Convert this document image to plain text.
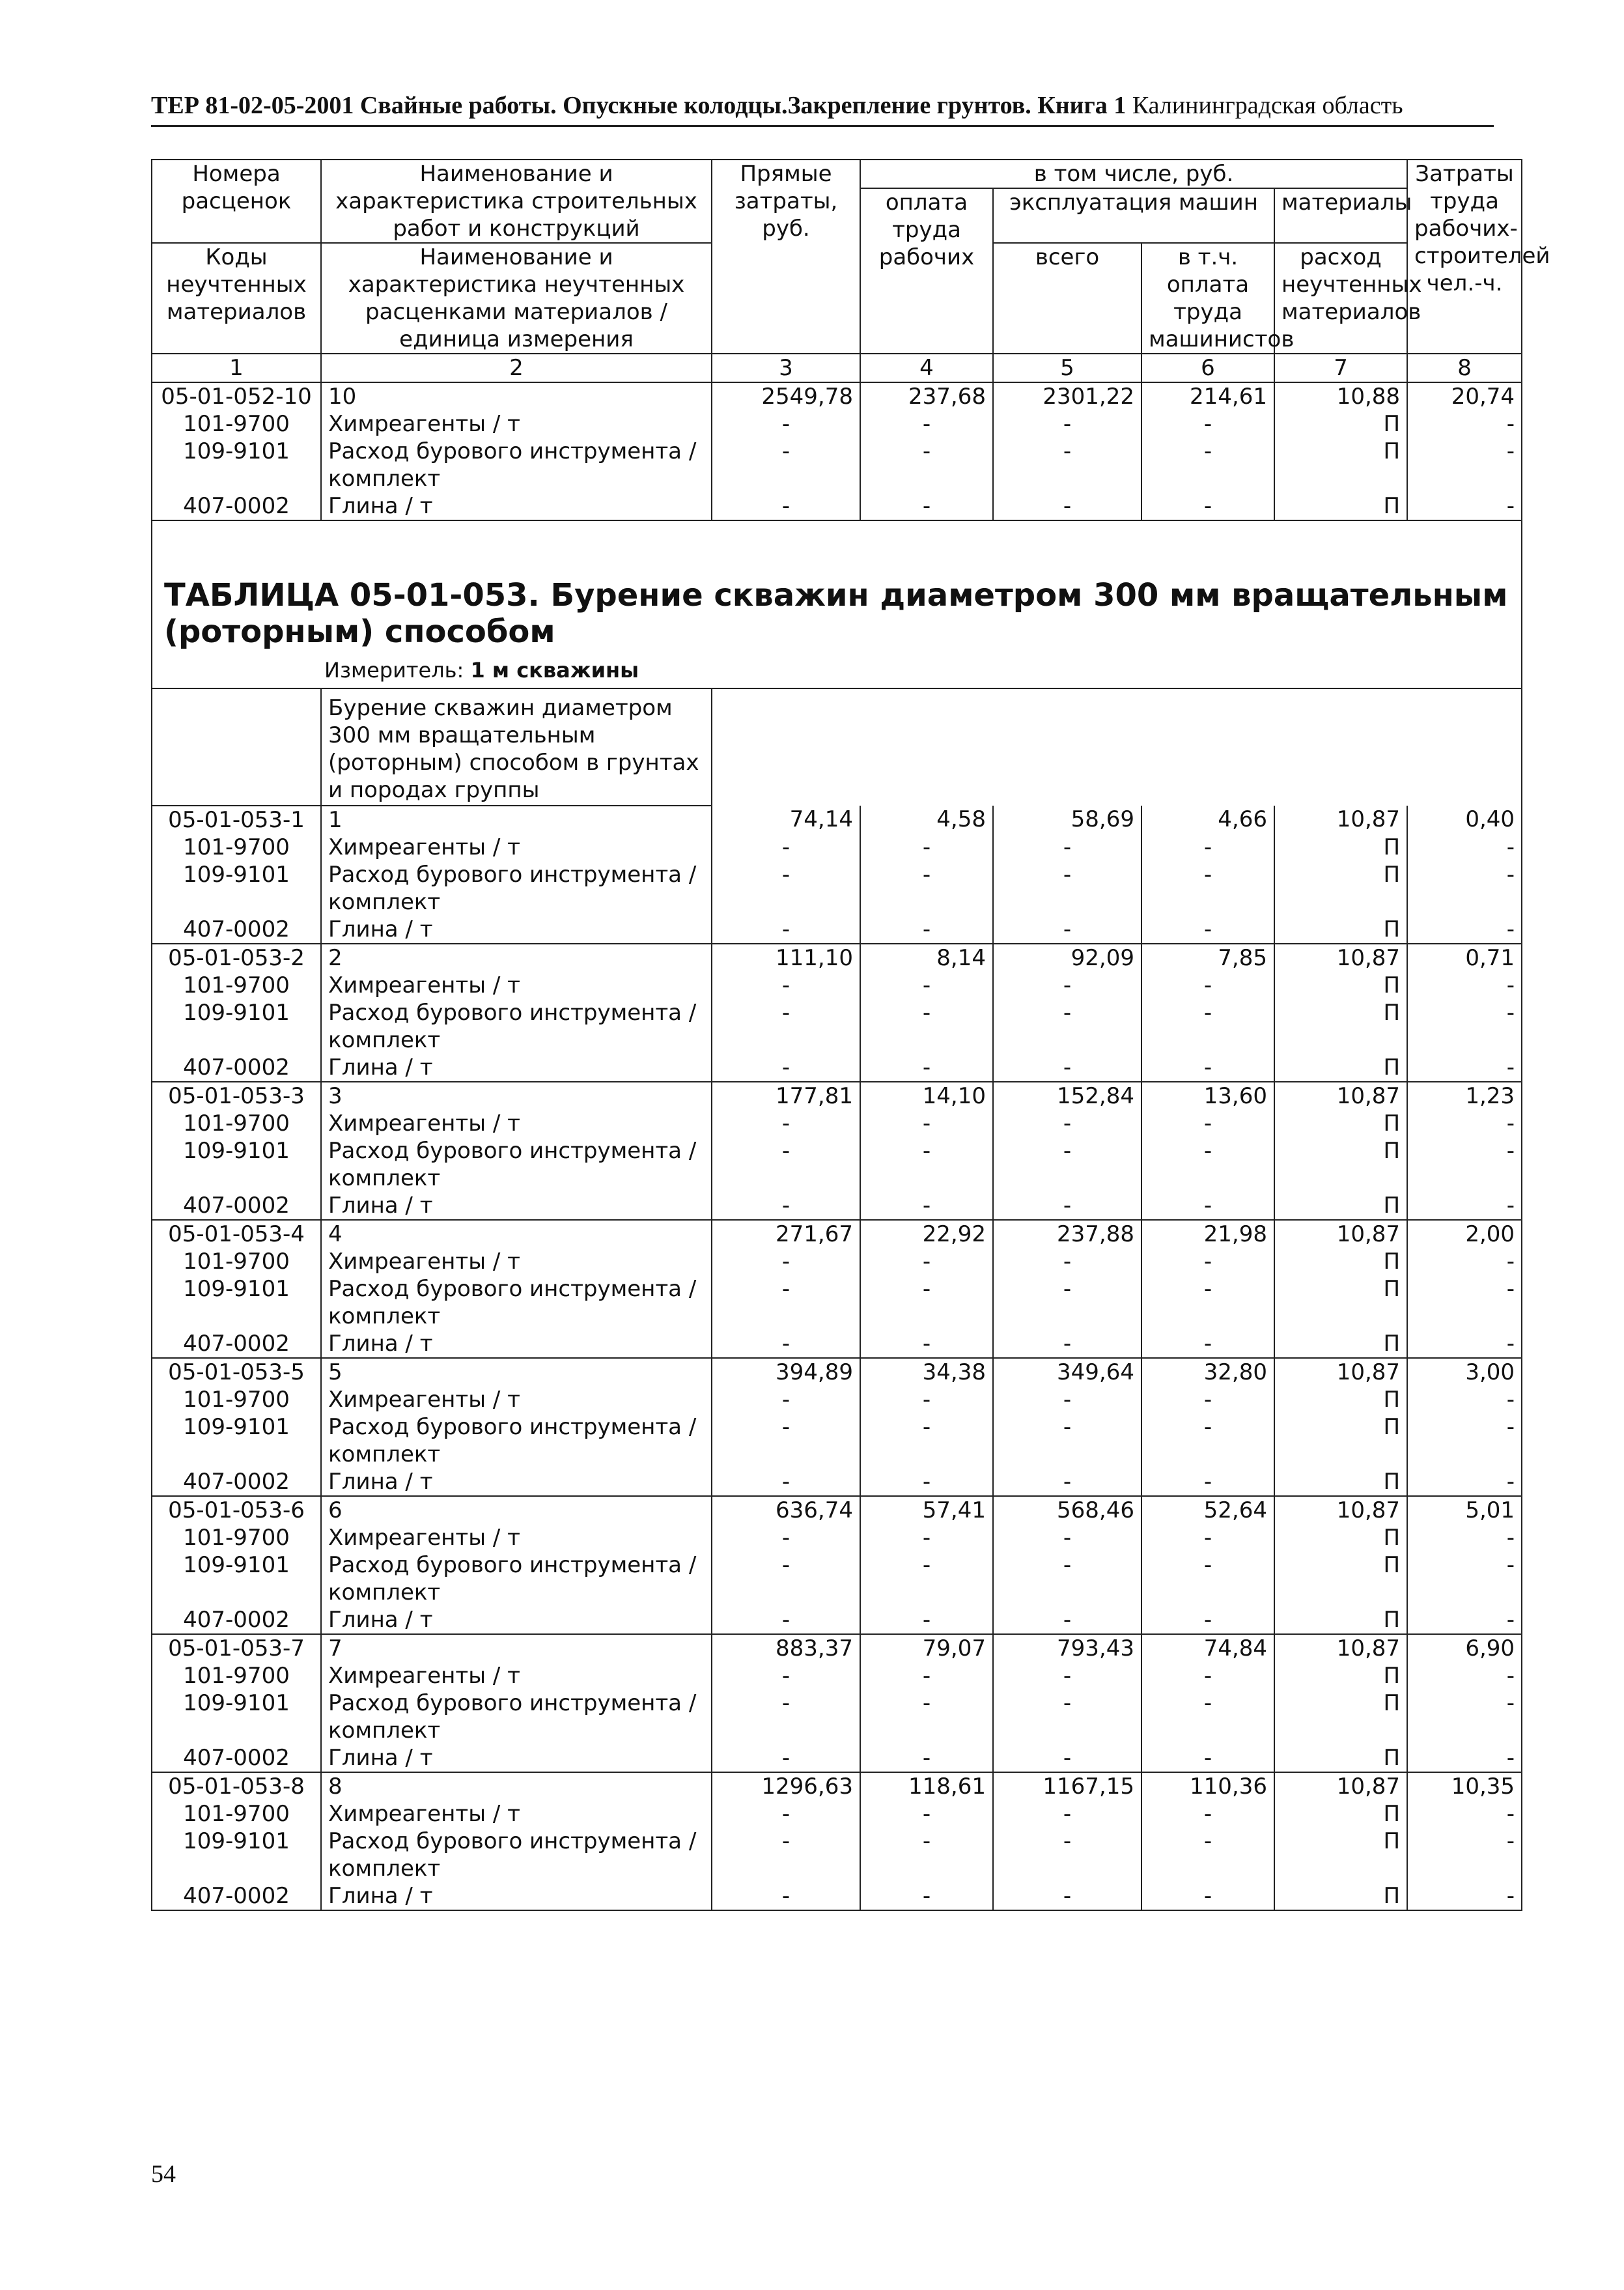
ТЕР 81-02-05-2001 Свайные работы. Опускные колодцы.Закрепление грунтов. Книга 1 Калининградская область
Номера расценок	Наименование и характеристика строительных работ и конструкций	Прямые затраты, руб.	в том числе, руб.				Затраты труда рабочих-строителей чел.-ч.
			оплата труда рабочих	эксплуатация машин		материалы	
Коды неучтенных материалов	Наименование и характеристика неучтенных расценками материалов / единица измерения			всего	в т.ч. оплата труда машинистов	расход неучтенных материалов	
1	2	3	4	5	6	7	8
05-01-052-10	10	2549,78	237,68	2301,22	214,61	10,88	20,74
101-9700	Химреагенты / т	-	-	-	-	П	-
109-9101	Расход бурового инструмента / комплект	-	-	-	-	П	-
407-0002	Глина / т	-	-	-	-	П	-
ТАБЛИЦА 05-01-053. Бурение скважин диаметром 300 мм вращательным (роторным) способом							
Измеритель: 1 м скважины							
	Бурение скважин диаметром 300 мм вращательным (роторным) способом в грунтах и породах группы						
05-01-053-1	1	74,14	4,58	58,69	4,66	10,87	0,40
101-9700	Химреагенты / т	-	-	-	-	П	-
109-9101	Расход бурового инструмента / комплект	-	-	-	-	П	-
407-0002	Глина / т	-	-	-	-	П	-
05-01-053-2	2	111,10	8,14	92,09	7,85	10,87	0,71
101-9700	Химреагенты / т	-	-	-	-	П	-
109-9101	Расход бурового инструмента / комплект	-	-	-	-	П	-
407-0002	Глина / т	-	-	-	-	П	-
05-01-053-3	3	177,81	14,10	152,84	13,60	10,87	1,23
101-9700	Химреагенты / т	-	-	-	-	П	-
109-9101	Расход бурового инструмента / комплект	-	-	-	-	П	-
407-0002	Глина / т	-	-	-	-	П	-
05-01-053-4	4	271,67	22,92	237,88	21,98	10,87	2,00
101-9700	Химреагенты / т	-	-	-	-	П	-
109-9101	Расход бурового инструмента / комплект	-	-	-	-	П	-
407-0002	Глина / т	-	-	-	-	П	-
05-01-053-5	5	394,89	34,38	349,64	32,80	10,87	3,00
101-9700	Химреагенты / т	-	-	-	-	П	-
109-9101	Расход бурового инструмента / комплект	-	-	-	-	П	-
407-0002	Глина / т	-	-	-	-	П	-
05-01-053-6	6	636,74	57,41	568,46	52,64	10,87	5,01
101-9700	Химреагенты / т	-	-	-	-	П	-
109-9101	Расход бурового инструмента / комплект	-	-	-	-	П	-
407-0002	Глина / т	-	-	-	-	П	-
05-01-053-7	7	883,37	79,07	793,43	74,84	10,87	6,90
101-9700	Химреагенты / т	-	-	-	-	П	-
109-9101	Расход бурового инструмента / комплект	-	-	-	-	П	-
407-0002	Глина / т	-	-	-	-	П	-
05-01-053-8	8	1296,63	118,61	1167,15	110,36	10,87	10,35
101-9700	Химреагенты / т	-	-	-	-	П	-
109-9101	Расход бурового инструмента / комплект	-	-	-	-	П	-
407-0002	Глина / т	-	-	-	-	П	-
54
